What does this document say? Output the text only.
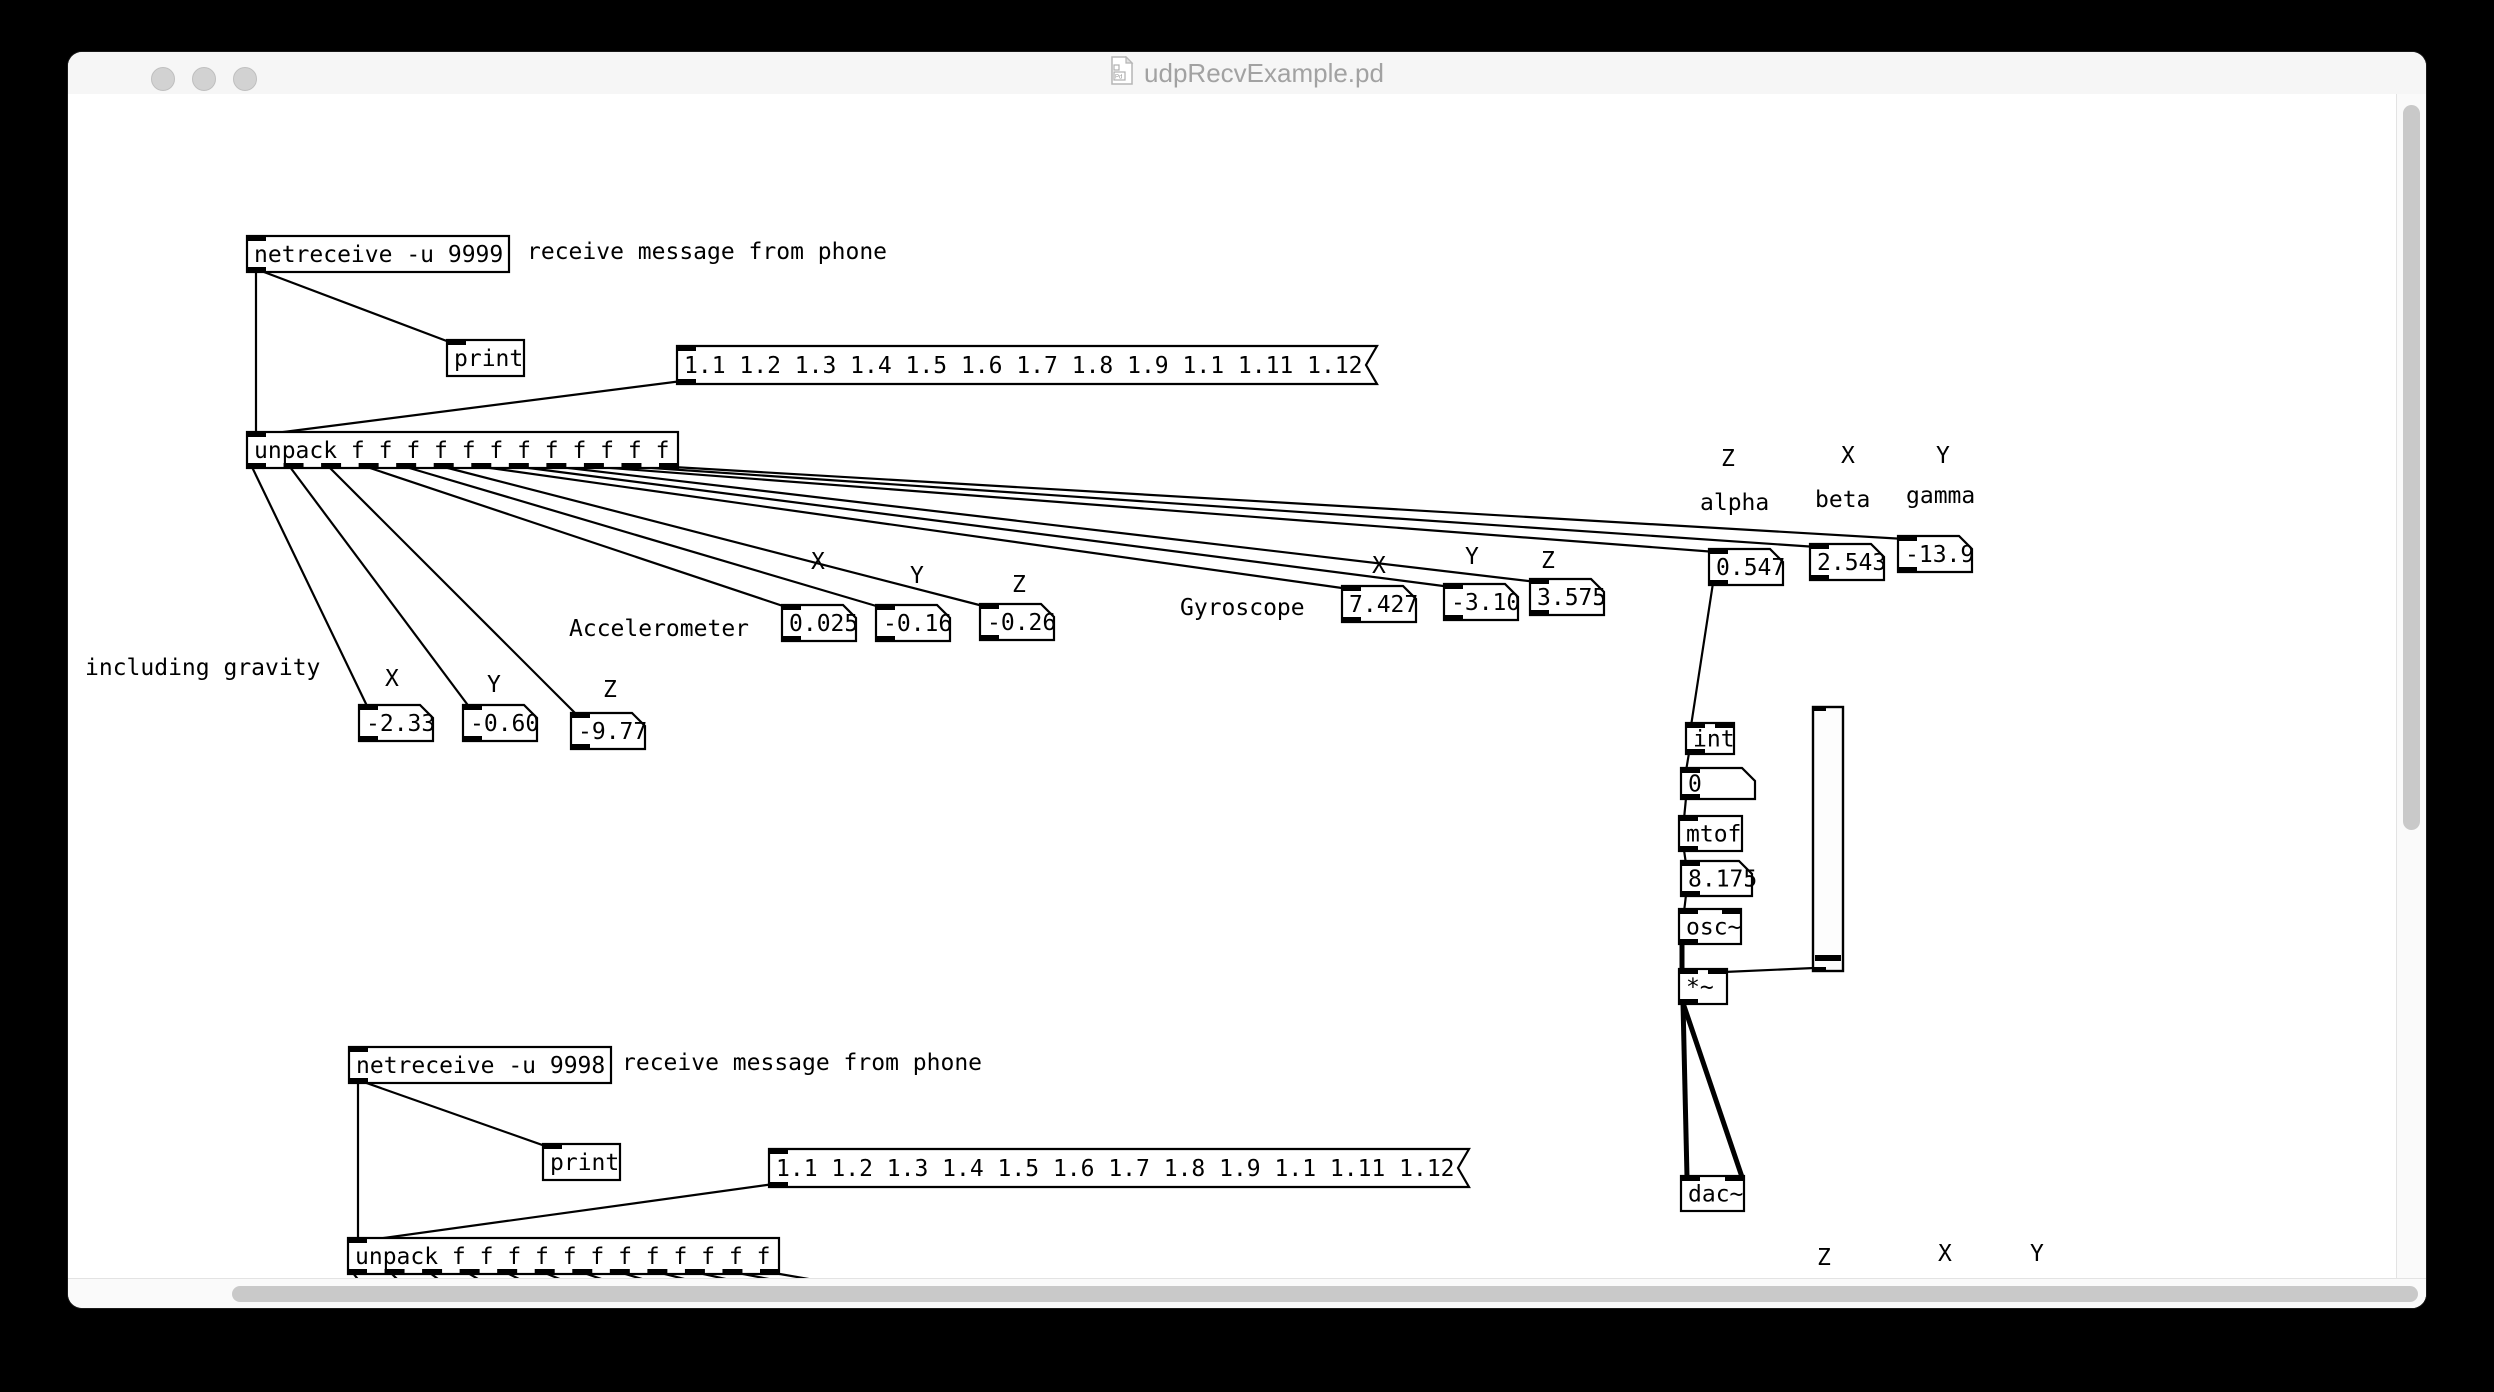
Pd udpRecvExample.pd
netreceive -u 9999 receive message from phone
print	1.1 1.2 1.3 1.4 1.5 1.6 1.7 1.8 1.9 1.1 1.11 1.12
unpack f f f f f f f f f f f f	Z
alpha
X
beta
Y
gamma
0.547 2.543 -13.9
Accelerometer
X
Y	Z
0.025 -0.16 -0.26
Gyroscope
X	Y	Z
7.427 -3.10 3.575
including gravity	X	Y	Z
-2.33 -0.60 -9.77	int
0
mtof
8.175
osc~
*~
dac~
netreceive -u 9998 receive message from phone
print	1.1 1.2 1.3 1.4 1.5 1.6 1.7 1.8 1.9 1.1 1.11 1.12
unpack f f f f f f f f f f f f	Z	X	Y
